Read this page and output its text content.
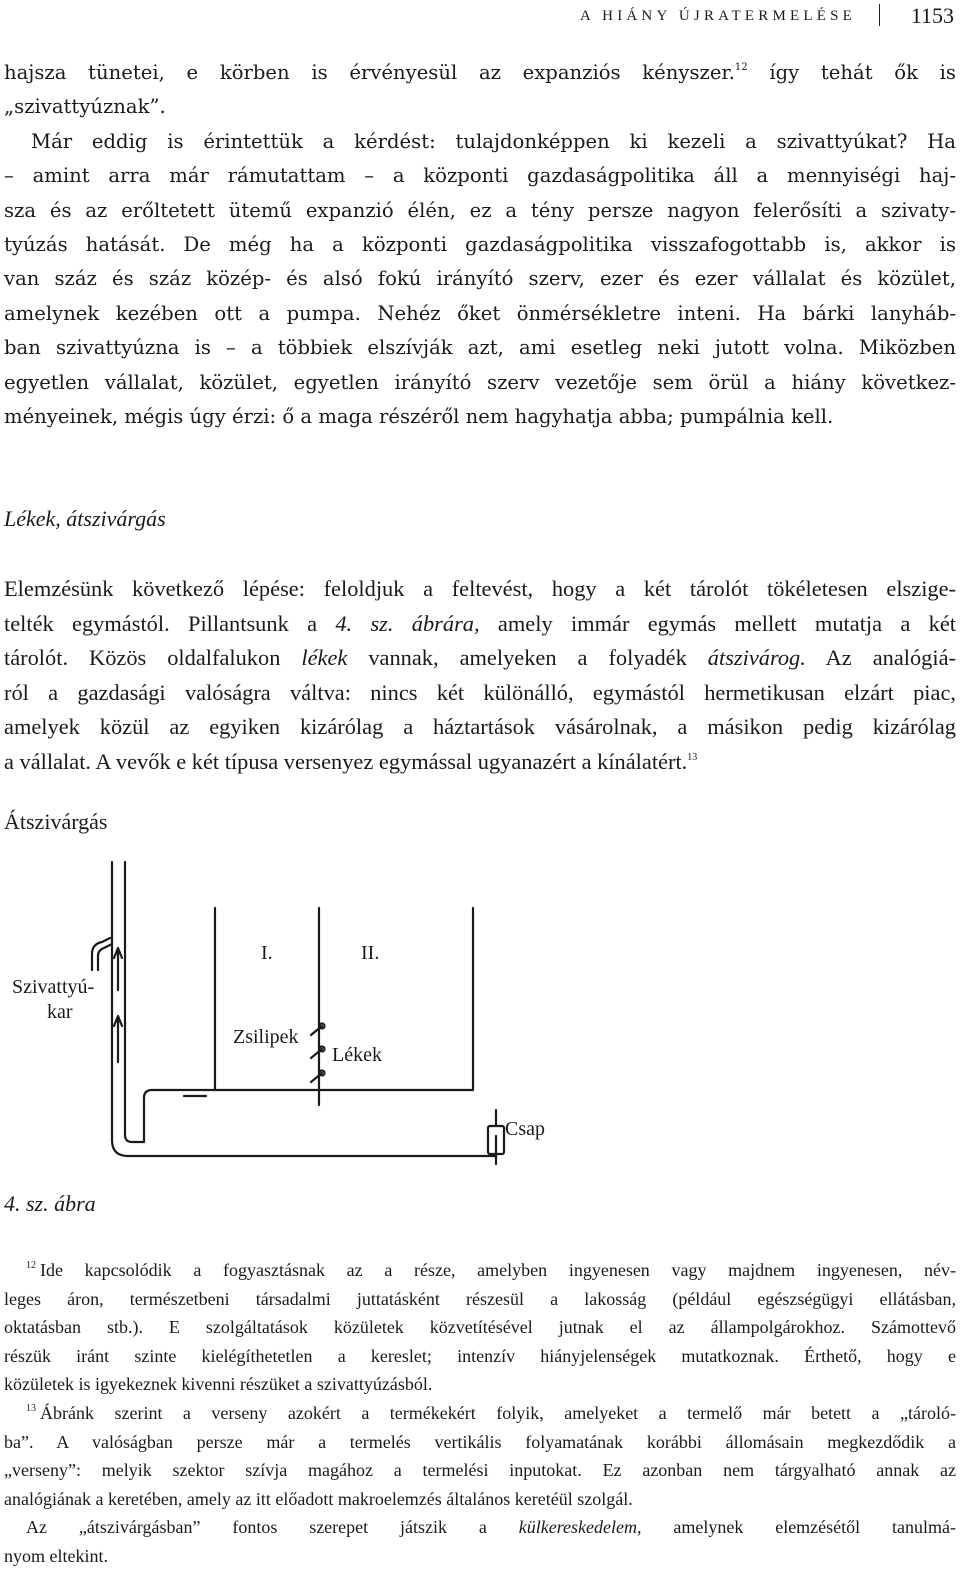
A HIÁNY ÚJRATERMELÉSE 1153
hajsza tünetei, e körben is érvényesül az expanziós kényszer.$^{12}$ így tehát ők is
„szivattyúznak”.
Már eddig is érintettük a kérdést: tulajdonképpen ki kezeli a szivattyúkat? Ha
– amint arra már rámutattam – a központi gazdaságpolitika áll a mennyiségi haj-
sza és az erőltetett ütemű expanzió élén, ez a tény persze nagyon felerősíti a szivaty-
tyúzás hatását. De még ha a központi gazdaságpolitika visszafogottabb is, akkor is
van száz és száz közép- és alsó fokú irányító szerv, ezer és ezer vállalat és közület,
amelynek kezében ott a pumpa. Nehéz őket önmérsékletre inteni. Ha bárki lanyháb-
ban szivattyúzna is – a többiek elszívják azt, ami esetleg neki jutott volna. Miközben
egyetlen vállalat, közület, egyetlen irányító szerv vezetője sem örül a hiány következ-
ményeinek, mégis úgy érzi: ő a maga részéről nem hagyhatja abba; pumpálnia kell.
Lékek, átszivárgás
Elemzésünk következő lépése: feloldjuk a feltevést, hogy a két tárolót tökéletesen elszige-
telték egymástól. Pillantsunk a 4. sz. ábrára, amely immár egymás mellett mutatja a két
tárolót. Közös oldalfalukon lékek vannak, amelyeken a folyadék átszivárog. Az analógiá-
ról a gazdasági valóságra váltva: nincs két különálló, egymástól hermetikusan elzárt piac,
amelyek közül az egyiken kizárólag a háztartások vásárolnak, a másikon pedig kizárólag
a vállalat. A vevők e két típusa versenyez egymással ugyanazért a kínálatért.$^{13}$
Átszivárgás
Szivattyú-
kar
I.	II.
Zsilipek
Lékek
Csap
4. sz. ábra
$^{12}$ Ide kapcsolódik a fogyasztásnak az a része, amelyben ingyenesen vagy majdnem ingyenesen, név-
leges áron, természetbeni társadalmi juttatásként részesül a lakosság (például egészségügyi ellátásban,
oktatásban stb.). E szolgáltatások közületek közvetítésével jutnak el az állampolgárokhoz. Számottevő
részük iránt szinte kielégíthetetlen a kereslet; intenzív hiányjelenségek mutatkoznak. Érthető, hogy e
közületek is igyekeznek kivenni részüket a szivattyúzásból.
$^{13}$ Ábránk szerint a verseny azokért a termékekért folyik, amelyeket a termelő már betett a „tároló-
ba”. A valóságban persze már a termelés vertikális folyamatának korábbi állomásain megkezdődik a
„verseny”: melyik szektor szívja magához a termelési inputokat. Ez azonban nem tárgyalható annak az
analógiának a keretében, amely az itt előadott makroelemzés általános keretéül szolgál.
Az „átszivárgásban” fontos szerepet játszik a külkereskedelem, amelynek elemzésétől tanulmá-
nyom eltekint.
